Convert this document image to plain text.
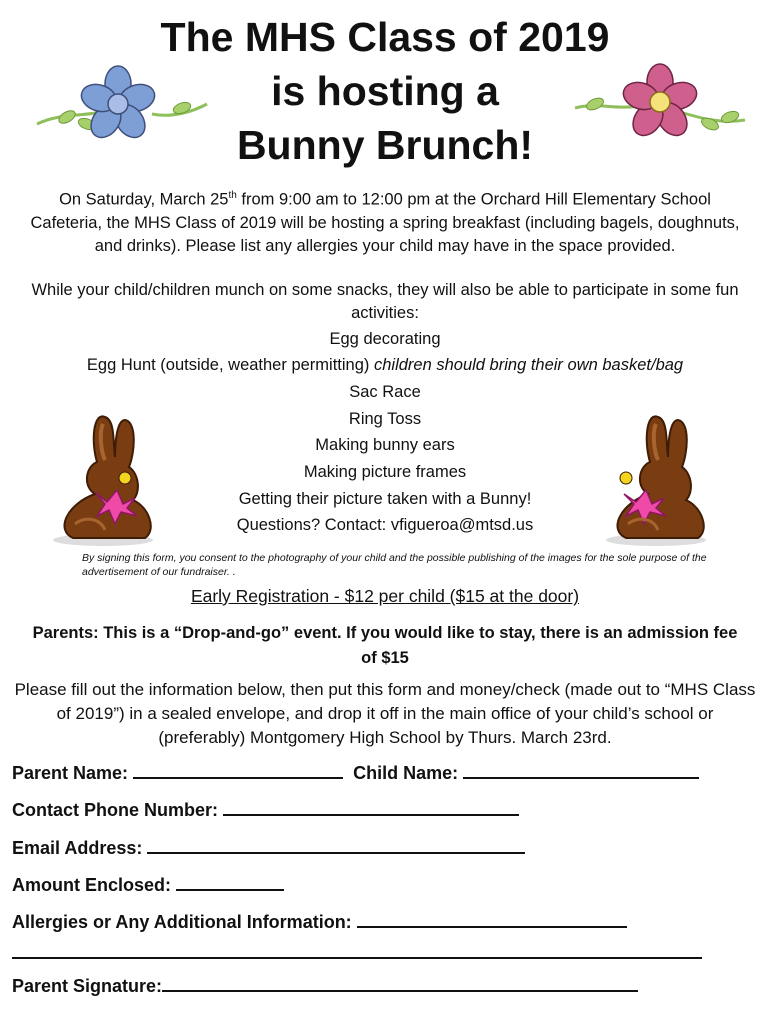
The MHS Class of 2019
is hosting a
Bunny Brunch!
On Saturday, March 25th from 9:00 am to 12:00 pm at the Orchard Hill Elementary School Cafeteria, the MHS Class of 2019 will be hosting a spring breakfast (including bagels, doughnuts, and drinks). Please list any allergies your child may have in the space provided.
While your child/children munch on some snacks, they will also be able to participate in some fun activities:
Egg decorating
Egg Hunt (outside, weather permitting) children should bring their own basket/bag
Sac Race
Ring Toss
Making bunny ears
Making picture frames
Getting their picture taken with a Bunny!
Questions? Contact: vfigueroa@mtsd.us
By signing this form, you consent to the photography of your child and the possible publishing of the images for the sole purpose of the advertisement of our fundraiser. .
Early Registration - $12 per child ($15 at the door)
Parents: This is a “Drop-and-go” event. If you would like to stay, there is an admission fee of $15
Please fill out the information below, then put this form and money/check (made out to “MHS Class of 2019”) in a sealed envelope, and drop it off in the main office of your child’s school or (preferably) Montgomery High School by Thurs. March 23rd.
Parent Name:	Child Name:
Contact Phone Number:
Email Address:
Amount Enclosed:
Allergies or Any Additional Information:
Parent Signature:
